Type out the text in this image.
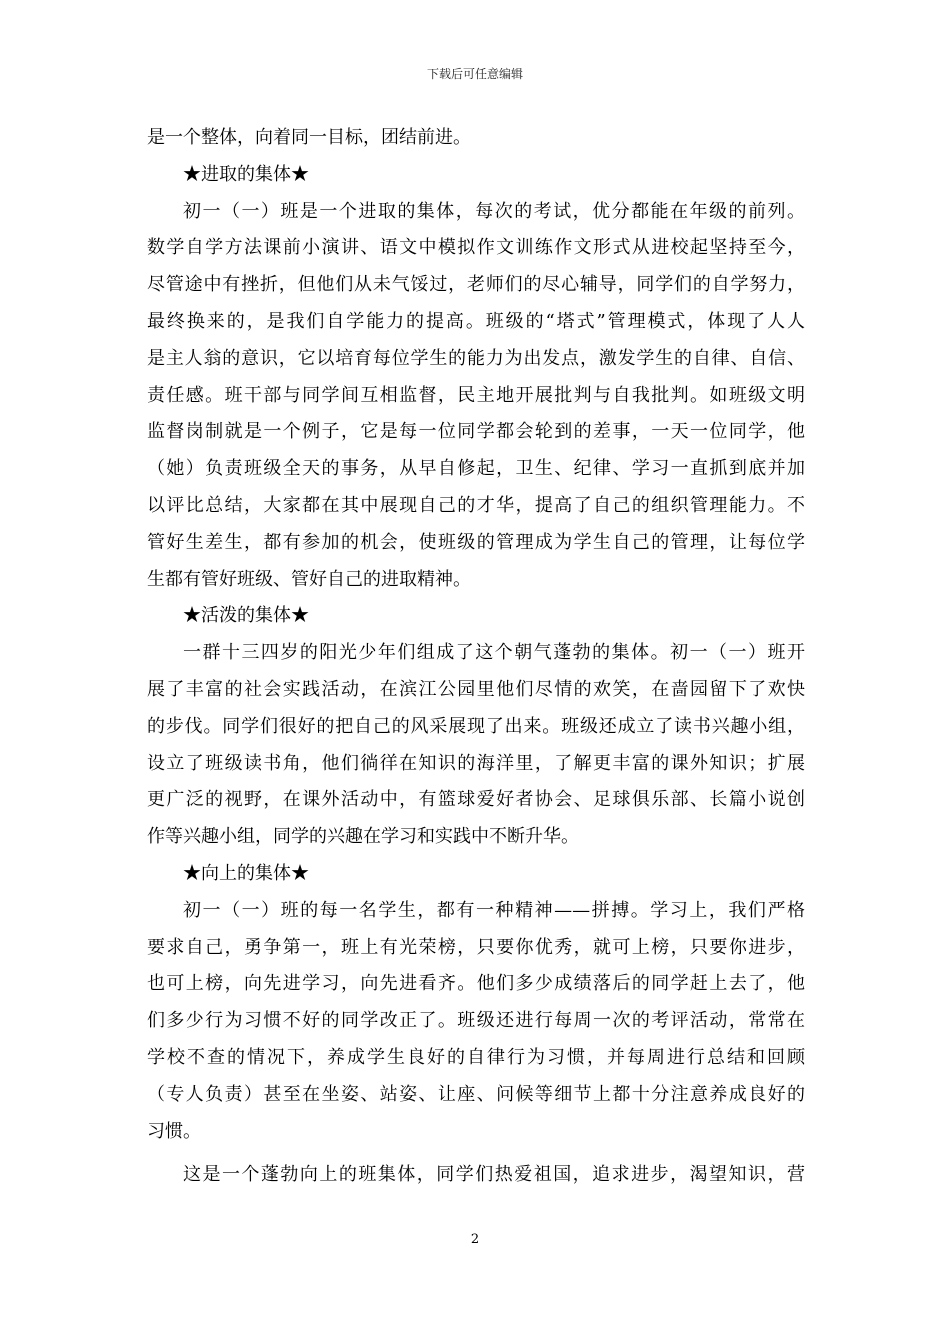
下载后可任意编辑
是一个整体，向着同一目标，团结前进。
★进取的集体★
初一（一）班是一个进取的集体，每次的考试，优分都能在年级的前列。
数学自学方法课前小演讲、语文中模拟作文训练作文形式从进校起坚持至今，
尽管途中有挫折，但他们从未气馁过，老师们的尽心辅导，同学们的自学努力，
最终换来的，是我们自学能力的提高。班级的“塔式”管理模式，体现了人人
是主人翁的意识，它以培育每位学生的能力为出发点，激发学生的自律、自信、
责任感。班干部与同学间互相监督，民主地开展批判与自我批判。如班级文明
监督岗制就是一个例子，它是每一位同学都会轮到的差事，一天一位同学，他
（她）负责班级全天的事务，从早自修起，卫生、纪律、学习一直抓到底并加
以评比总结，大家都在其中展现自己的才华，提高了自己的组织管理能力。不
管好生差生，都有参加的机会，使班级的管理成为学生自己的管理，让每位学
生都有管好班级、管好自己的进取精神。
★活泼的集体★
一群十三四岁的阳光少年们组成了这个朝气蓬勃的集体。初一（一）班开
展了丰富的社会实践活动，在滨江公园里他们尽情的欢笑，在啬园留下了欢快
的步伐。同学们很好的把自己的风采展现了出来。班级还成立了读书兴趣小组，
设立了班级读书角，他们徜徉在知识的海洋里，了解更丰富的课外知识；扩展
更广泛的视野，在课外活动中，有篮球爱好者协会、足球俱乐部、长篇小说创
作等兴趣小组，同学的兴趣在学习和实践中不断升华。
★向上的集体★
初一（一）班的每一名学生，都有一种精神——拼搏。学习上，我们严格
要求自己，勇争第一，班上有光荣榜，只要你优秀，就可上榜，只要你进步，
也可上榜，向先进学习，向先进看齐。他们多少成绩落后的同学赶上去了，他
们多少行为习惯不好的同学改正了。班级还进行每周一次的考评活动，常常在
学校不查的情况下，养成学生良好的自律行为习惯，并每周进行总结和回顾
（专人负责）甚至在坐姿、站姿、让座、问候等细节上都十分注意养成良好的
习惯。
这是一个蓬勃向上的班集体，同学们热爱祖国，追求进步，渴望知识，营
2
